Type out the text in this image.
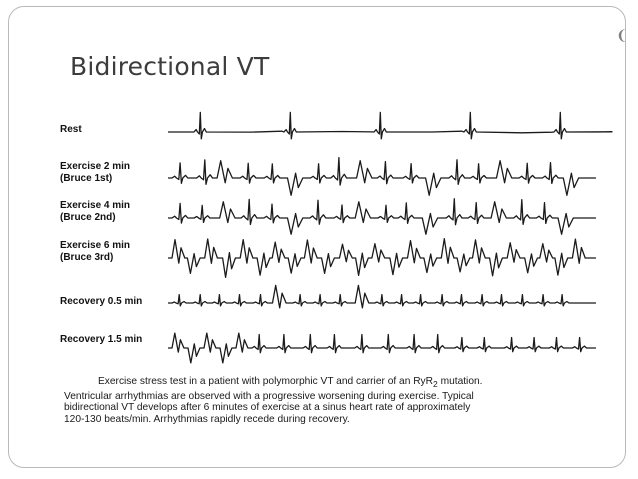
❨
Bidirectional VT
Rest
Exercise 2 min
(Bruce 1st)
Exercise 4 min
(Bruce 2nd)
Exercise 6 min
(Bruce 3rd)
Recovery 0.5 min
Recovery 1.5 min

Exercise stress test in a patient with polymorphic VT and carrier of an RyR$_2$ mutation.

Ventricular arrhythmias are observed with a progressive worsening during exercise. Typical

bidirectional VT develops after 6 minutes of exercise at a sinus heart rate of approximately

120-130 beats/min. Arrhythmias rapidly recede during recovery.
